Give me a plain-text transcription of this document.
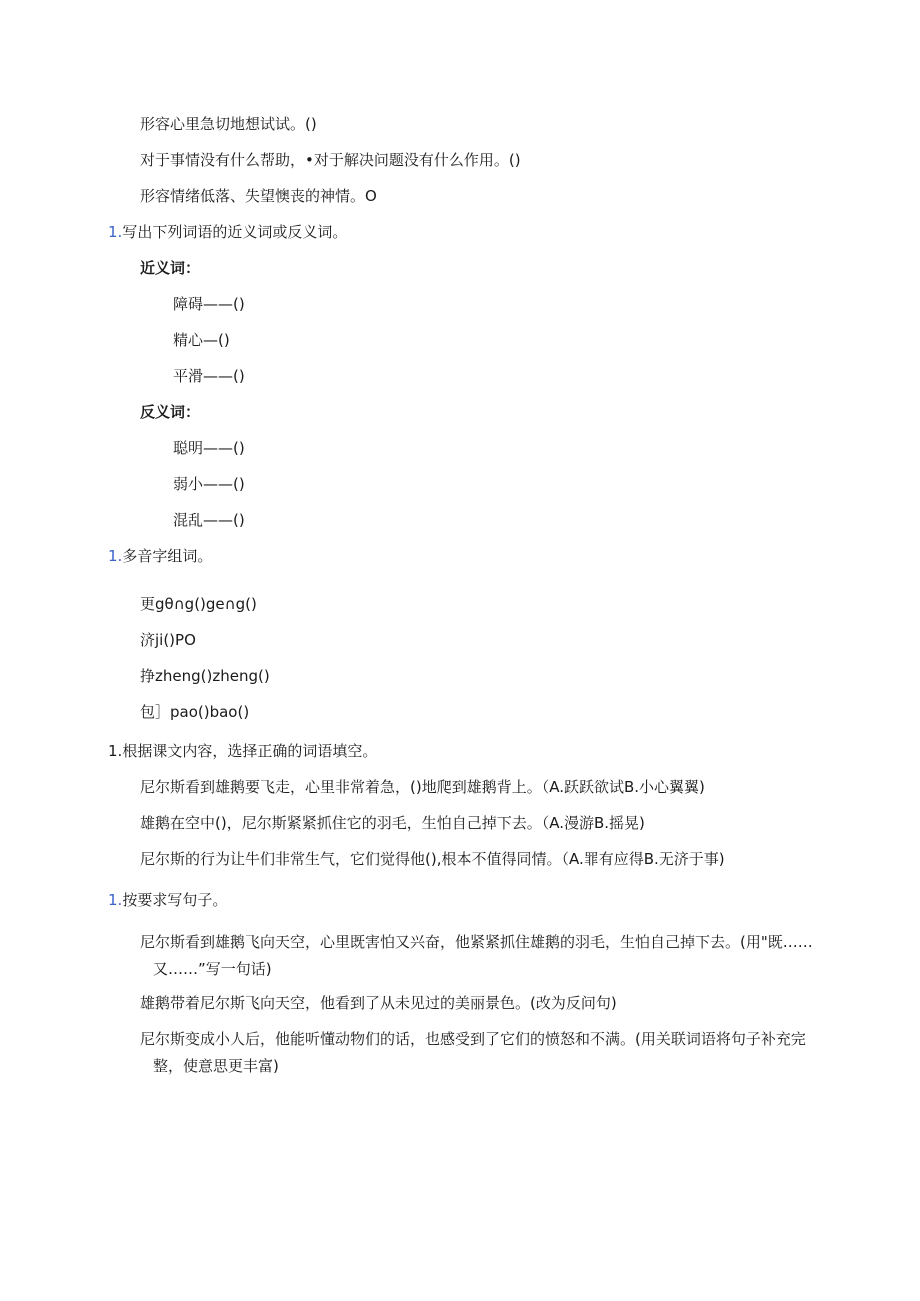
形容心里急切地想试试。()
对于事情没有什么帮助，•对于解决问题没有什么作用。()
形容情绪低落、失望懊丧的神情。O
1.写出下列词语的近义词或反义词。
近义词：
障碍——()
精心—()
平滑——()
反义词：
聪明——()
弱小——()
混乱——()
1.多音字组词。
更gθ∩g()ge∩g()
济ji()PO
挣zheng()zheng()
包］pao()bao()
1.根据课文内容，选择正确的词语填空。
尼尔斯看到雄鹅要飞走，心里非常着急，()地爬到雄鹅背上。（A.跃跃欲试B.小心翼翼)
雄鹅在空中()，尼尔斯紧紧抓住它的羽毛，生怕自己掉下去。（A.漫游B.摇晃)
尼尔斯的行为让牛们非常生气，它们觉得他(),根本不值得同情。（A.罪有应得B.无济于事)
1.按要求写句子。
尼尔斯看到雄鹅飞向天空，心里既害怕又兴奋，他紧紧抓住雄鹅的羽毛，生怕自己掉下去。(用"既……又……”写一句话)
雄鹅带着尼尔斯飞向天空，他看到了从未见过的美丽景色。(改为反问句)
尼尔斯变成小人后，他能听懂动物们的话，也感受到了它们的愤怒和不满。(用关联词语将句子补充完整，使意思更丰富)
